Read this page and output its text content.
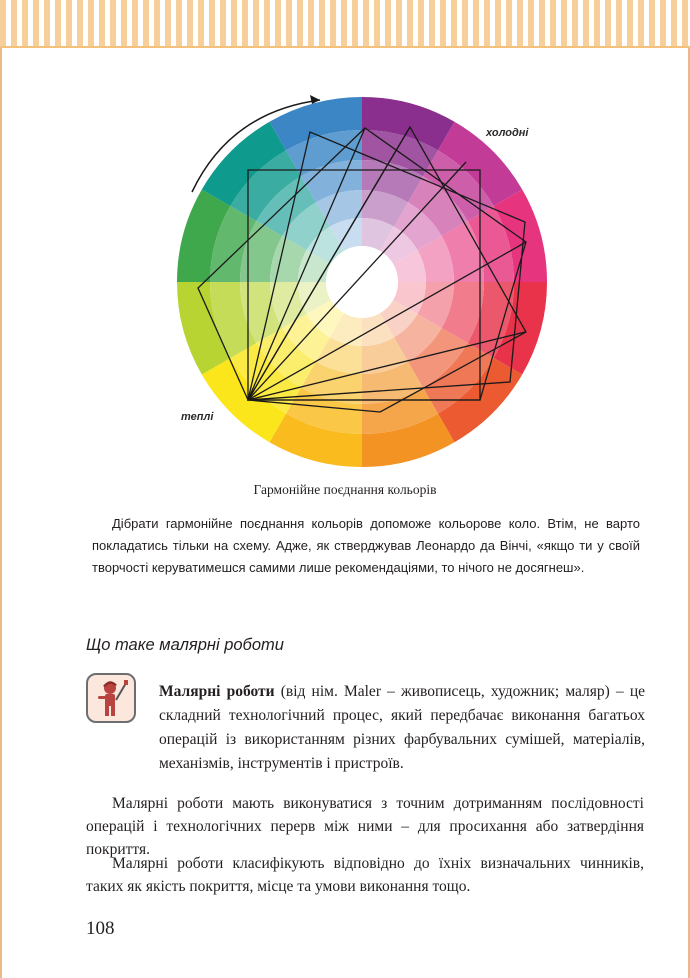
холодні
теплі
Гармонійне поєднання кольорів
Дібрати гармонійне поєднання кольорів допоможе кольорове коло. Втім, не варто покладатись тільки на схему. Адже, як стверджував Леонардо да Вінчі, «якщо ти у своїй творчості керуватимешся самими лише рекомендаціями, то нічого не досягнеш».
Що таке малярні роботи
Малярні роботи (від нім. Maler – живописець, художник; маляр) – це складний технологічний процес, який передбачає виконання багатьох операцій із використанням різних фарбувальних сумішей, матеріалів, механізмів, інструментів і пристроїв.
Малярні роботи мають виконуватися з точним дотриманням послідовності операцій і технологічних перерв між ними – для просихання або затвердіння покриття.
Малярні роботи класифікують відповідно до їхніх визначальних чинників, таких як якість покриття, місце та умови виконання тощо.
108
